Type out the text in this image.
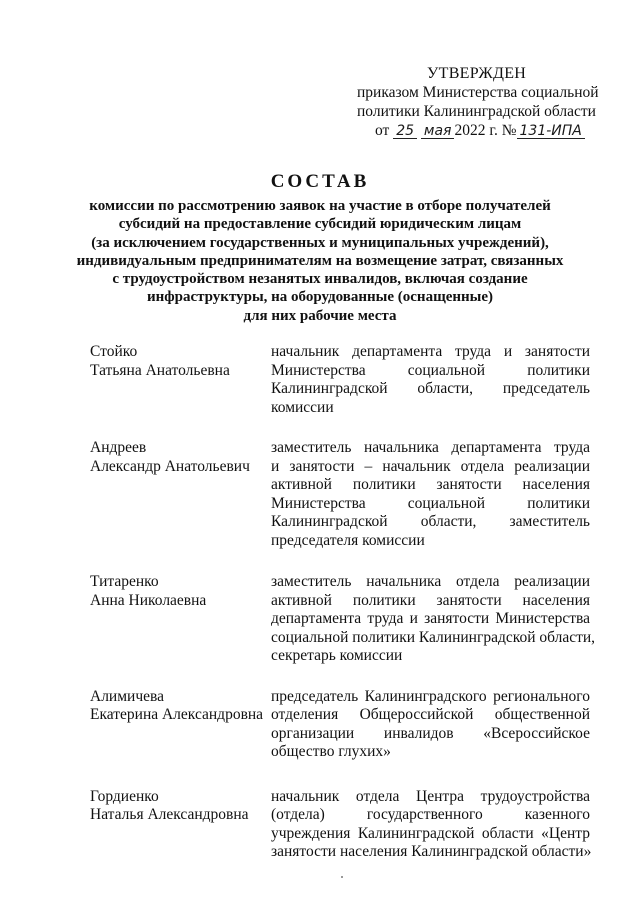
УТВЕРЖДЕН
приказом Министерства социальной
политики Калининградской области
от 25 мая 2022 г. № 131-ИПА
СОСТАВ
комиссии по рассмотрению заявок на участие в отборе получателей
субсидий на предоставление субсидий юридическим лицам
(за исключением государственных и муниципальных учреждений),
индивидуальным предпринимателям на возмещение затрат, связанных
с трудоустройством незанятых инвалидов, включая создание
инфраструктуры, на оборудованные (оснащенные)
для них рабочие места
Стойко
Татьяна Анатольевна
начальник департамента труда и занятости
Министерства социальной политики
Калининградской области, председатель
комиссии
Андреев
Александр Анатольевич
заместитель начальника департамента труда
и занятости – начальник отдела реализации
активной политики занятости населения
Министерства социальной политики
Калининградской области, заместитель
председателя комиссии
Титаренко
Анна Николаевна
заместитель начальника отдела реализации
активной политики занятости населения
департамента труда и занятости Министерства
социальной политики Калининградской области,
секретарь комиссии
Алимичева
Екатерина Александровна
председатель Калининградского регионального
отделения Общероссийской общественной
организации инвалидов «Всероссийское
общество глухих»
Гордиенко
Наталья Александровна
начальник отдела Центра трудоустройства
(отдела) государственного казенного
учреждения Калининградской области «Центр
занятости населения Калининградской области»
